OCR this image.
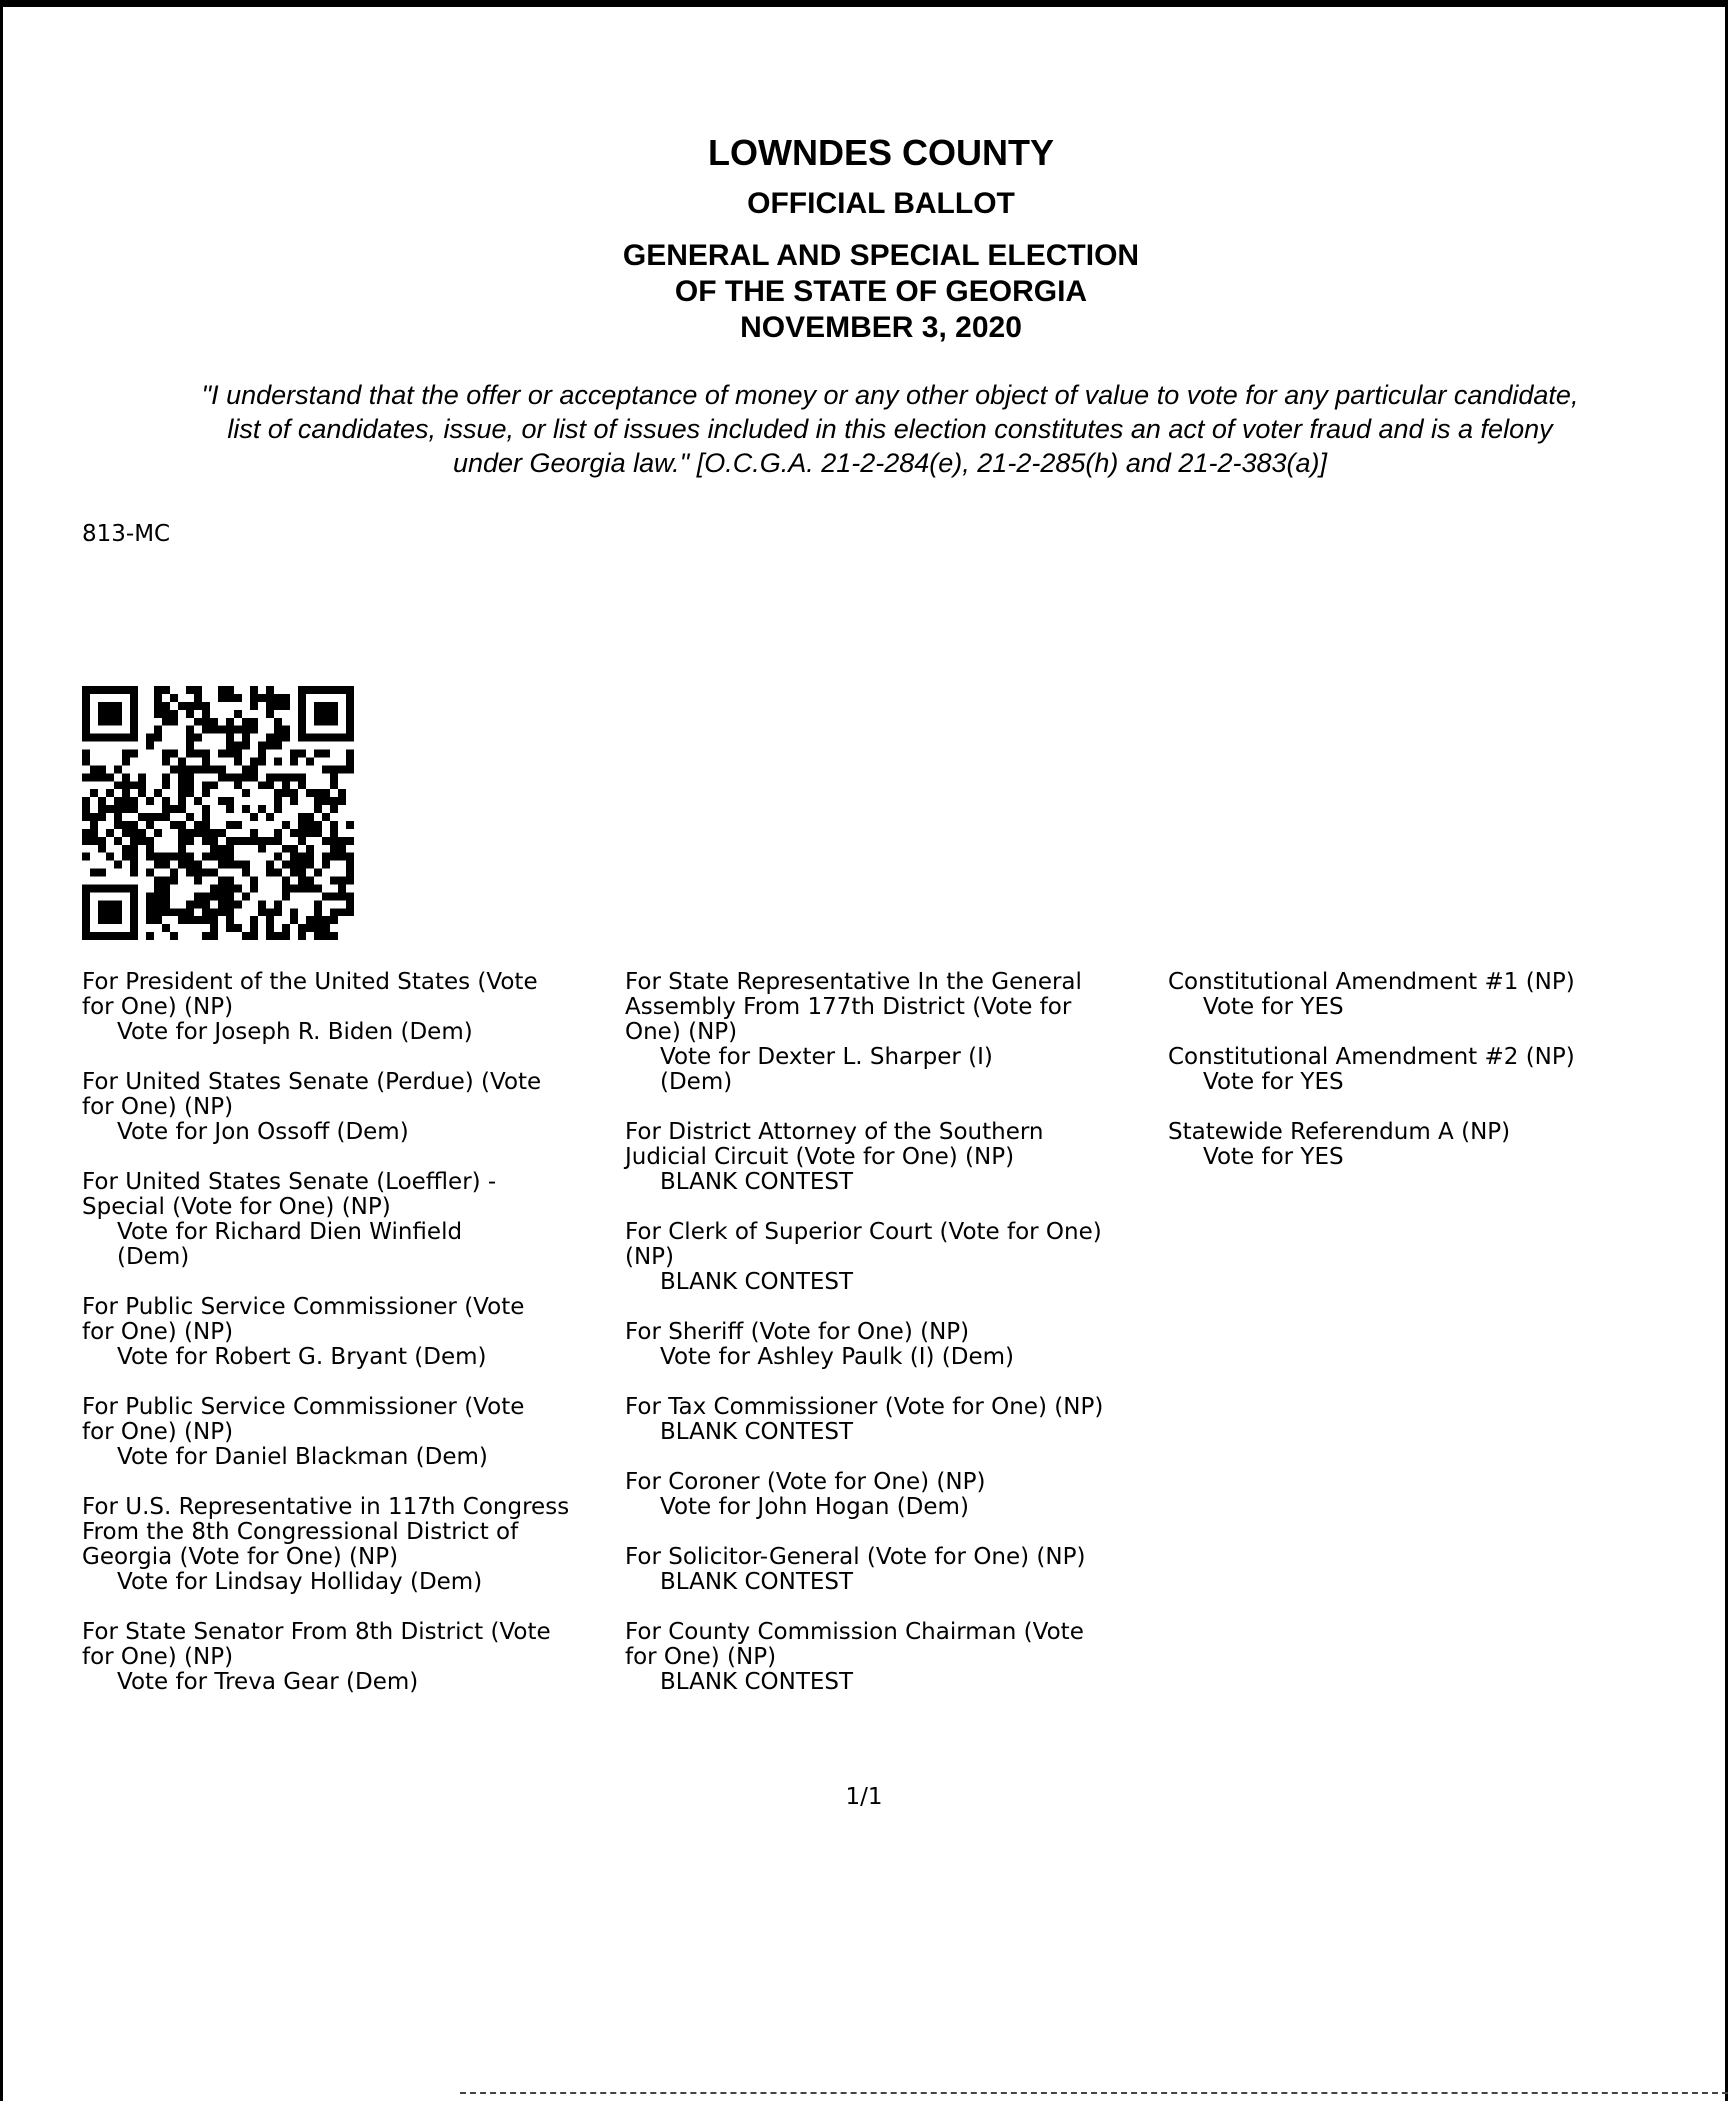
LOWNDES COUNTY
OFFICIAL BALLOT
GENERAL AND SPECIAL ELECTION
OF THE STATE OF GEORGIA
NOVEMBER 3, 2020
"I understand that the offer or acceptance of money or any other object of value to vote for any particular candidate,
list of candidates, issue, or list of issues included in this election constitutes an act of voter fraud and is a felony
under Georgia law." [O.C.G.A. 21-2-284(e), 21-2-285(h) and 21-2-383(a)]
813-MC
For President of the United States (Vote
for One) (NP)
Vote for Joseph R. Biden (Dem)
For United States Senate (Perdue) (Vote
for One) (NP)
Vote for Jon Ossoff (Dem)
For United States Senate (Loeffler) -
Special (Vote for One) (NP)
Vote for Richard Dien Winfield
(Dem)
For Public Service Commissioner (Vote
for One) (NP)
Vote for Robert G. Bryant (Dem)
For Public Service Commissioner (Vote
for One) (NP)
Vote for Daniel Blackman (Dem)
For U.S. Representative in 117th Congress
From the 8th Congressional District of
Georgia (Vote for One) (NP)
Vote for Lindsay Holliday (Dem)
For State Senator From 8th District (Vote
for One) (NP)
Vote for Treva Gear (Dem)
For State Representative In the General
Assembly From 177th District (Vote for
One) (NP)
Vote for Dexter L. Sharper (I)
(Dem)
For District Attorney of the Southern
Judicial Circuit (Vote for One) (NP)
BLANK CONTEST
For Clerk of Superior Court (Vote for One)
(NP)
BLANK CONTEST
For Sheriff (Vote for One) (NP)
Vote for Ashley Paulk (I) (Dem)
For Tax Commissioner (Vote for One) (NP)
BLANK CONTEST
For Coroner (Vote for One) (NP)
Vote for John Hogan (Dem)
For Solicitor-General (Vote for One) (NP)
BLANK CONTEST
For County Commission Chairman (Vote
for One) (NP)
BLANK CONTEST
Constitutional Amendment #1 (NP)
Vote for YES
Constitutional Amendment #2 (NP)
Vote for YES
Statewide Referendum A (NP)
Vote for YES
1/1
